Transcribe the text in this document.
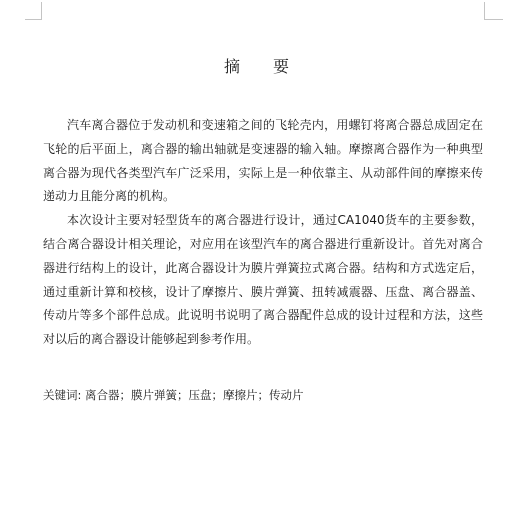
摘 要

汽车离合器位于发动机和变速箱之间的飞轮壳内，用螺钉将离合器总成固定在飞轮的后平面上，离合器的输出轴就是变速器的输入轴。摩擦离合器作为一种典型离合器为现代各类型汽车广泛采用，实际上是一种依靠主、从动部件间的摩擦来传递动力且能分离的机构。

本次设计主要对轻型货车的离合器进行设计，通过CA1040货车的主要参数，结合离合器设计相关理论，对应用在该型汽车的离合器进行重新设计。首先对离合器进行结构上的设计，此离合器设计为膜片弹簧拉式离合器。结构和方式选定后，通过重新计算和校核，设计了摩擦片、膜片弹簧、扭转减震器、压盘、离合器盖、传动片等多个部件总成。此说明书说明了离合器配件总成的设计过程和方法，这些对以后的离合器设计能够起到参考作用。

关键词: 离合器；膜片弹簧；压盘；摩擦片；传动片
